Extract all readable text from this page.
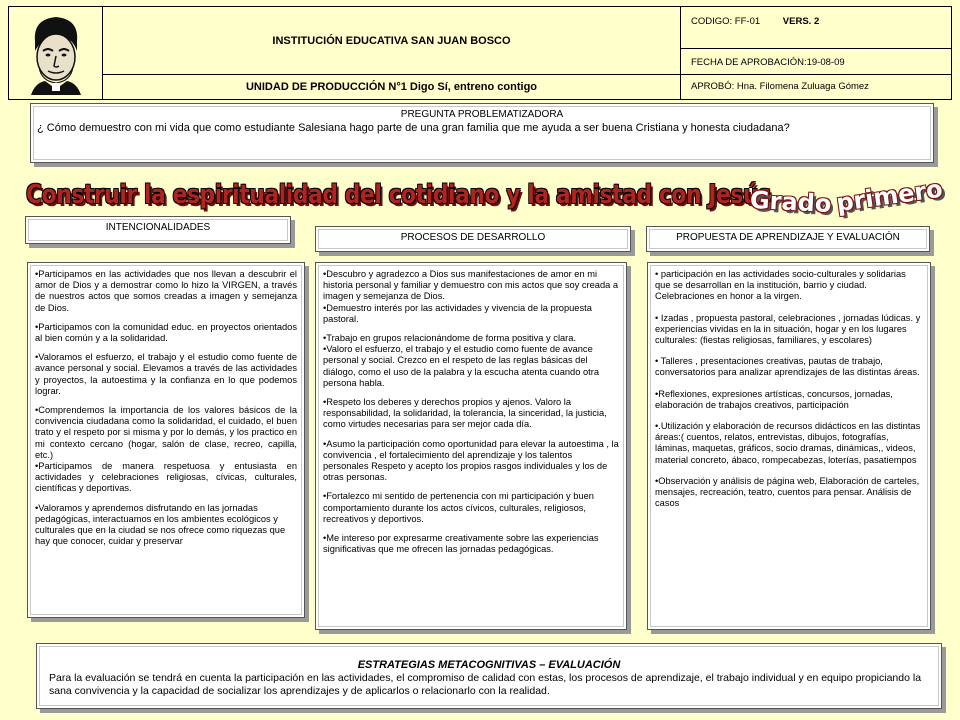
INSTITUCIÓN EDUCATIVA SAN JUAN BOSCO
UNIDAD DE PRODUCCIÓN N°1 Digo Sí, entreno contigo
CODIGO: FF-01 VERS. 2
FECHA DE APROBACIÓN:19-08-09
APROBÓ: Hna. Filomena Zuluaga Gómez
PREGUNTA PROBLEMATIZADORA
¿ Cómo demuestro con mi vida que como estudiante Salesiana hago parte de una gran familia que me ayuda a ser buena Cristiana y honesta ciudadana?
Construir la espiritualidad del cotidiano y la amistad con Jesús
Grado primero
INTENCIONALIDADES
PROCESOS DE DESARROLLO	PROPUESTA DE APRENDIZAJE Y EVALUACIÓN

•Participamos en las actividades que nos llevan a descubrir el amor de Dios y a demostrar como lo hizo la VIRGEN, a través de nuestros actos que somos creadas a imagen y semejanza de Dios.

•Participamos con la comunidad educ. en proyectos orientados al bien común y a la solidaridad.

•Valoramos el esfuerzo, el trabajo y el estudio como fuente de avance personal y social. Elevamos a través de las actividades y proyectos, la autoestima y la confianza en lo que podemos lograr.

•Comprendemos la importancia de los valores básicos de la convivencia ciudadana como la solidaridad, el cuidado, el buen trato y el respeto por si misma y por lo demás, y los practico en mi contexto cercano (hogar, salón de clase, recreo, capilla, etc.)

•Participamos de manera respetuosa y entusiasta en actividades y celebraciones religiosas, cívicas, culturales, científicas y deportivas.

•Valoramos y aprendemos disfrutando en las jornadas pedagógicas, interactuamos en los ambientes ecológicos y culturales que en la ciudad se nos ofrece como riquezas que hay que conocer, cuidar y preservar

•Descubro y agradezco a Dios sus manifestaciones de amor en mi historia personal y familiar y demuestro con mis actos que soy creada a imagen y semejanza de Dios.

•Demuestro interés por las actividades y vivencia de la propuesta pastoral.

•Trabajo en grupos relacionándome de forma positiva y clara.

•Valoro el esfuerzo, el trabajo y el estudio como fuente de avance personal y social. Crezco en el respeto de las reglas básicas del diálogo, como el uso de la palabra y la escucha atenta cuando otra persona habla.

•Respeto los deberes y derechos propios y ajenos. Valoro la responsabilidad, la solidaridad, la tolerancia, la sinceridad, la justicia, como virtudes necesarias para ser mejor cada día.

•Asumo la participación como oportunidad para elevar la autoestima , la convivencia , el fortalecimiento del aprendizaje y los talentos personales Respeto y acepto los propios rasgos individuales y los de otras personas.

•Fortalezco mi sentido de pertenencia con mi participación y buen comportamiento durante los actos cívicos, culturales, religiosos, recreativos y deportivos.

•Me intereso por expresarme creativamente sobre las experiencias significativas que me ofrecen las jornadas pedagógicas.

• participación en las actividades socio-culturales y solidarias que se desarrollan en la institución, barrio y ciudad. Celebraciones en honor a la virgen.

• Izadas , propuesta pastoral, celebraciones , jornadas lúdicas. y experiencias vividas en la in situación, hogar y en los lugares culturales: (fiestas religiosas, familiares, y escolares)

• Talleres , presentaciones creativas, pautas de trabajo, conversatorios para analizar aprendizajes de las distintas áreas.

•Reflexiones, expresiones artísticas, concursos, jornadas, elaboración de trabajos creativos, participación

•.Utilización y elaboración de recursos didácticos en las distintas áreas:( cuentos, relatos, entrevistas, dibujos, fotografías, láminas, maquetas, gráficos, socio dramas, dinámicas,, videos, material concreto, ábaco, rompecabezas, loterías, pasatiempos

•Observación y análisis de página web, Elaboración de carteles, mensajes, recreación, teatro, cuentos para pensar. Análisis de casos

ESTRATEGIAS METACOGNITIVAS – EVALUACIÓN
Para la evaluación se tendrá en cuenta la participación en las actividades, el compromiso de calidad con estas, los procesos de aprendizaje, el trabajo individual y en equipo propiciando la sana convivencia y la capacidad de socializar los aprendizajes y de aplicarlos o relacionarlo con la realidad.
